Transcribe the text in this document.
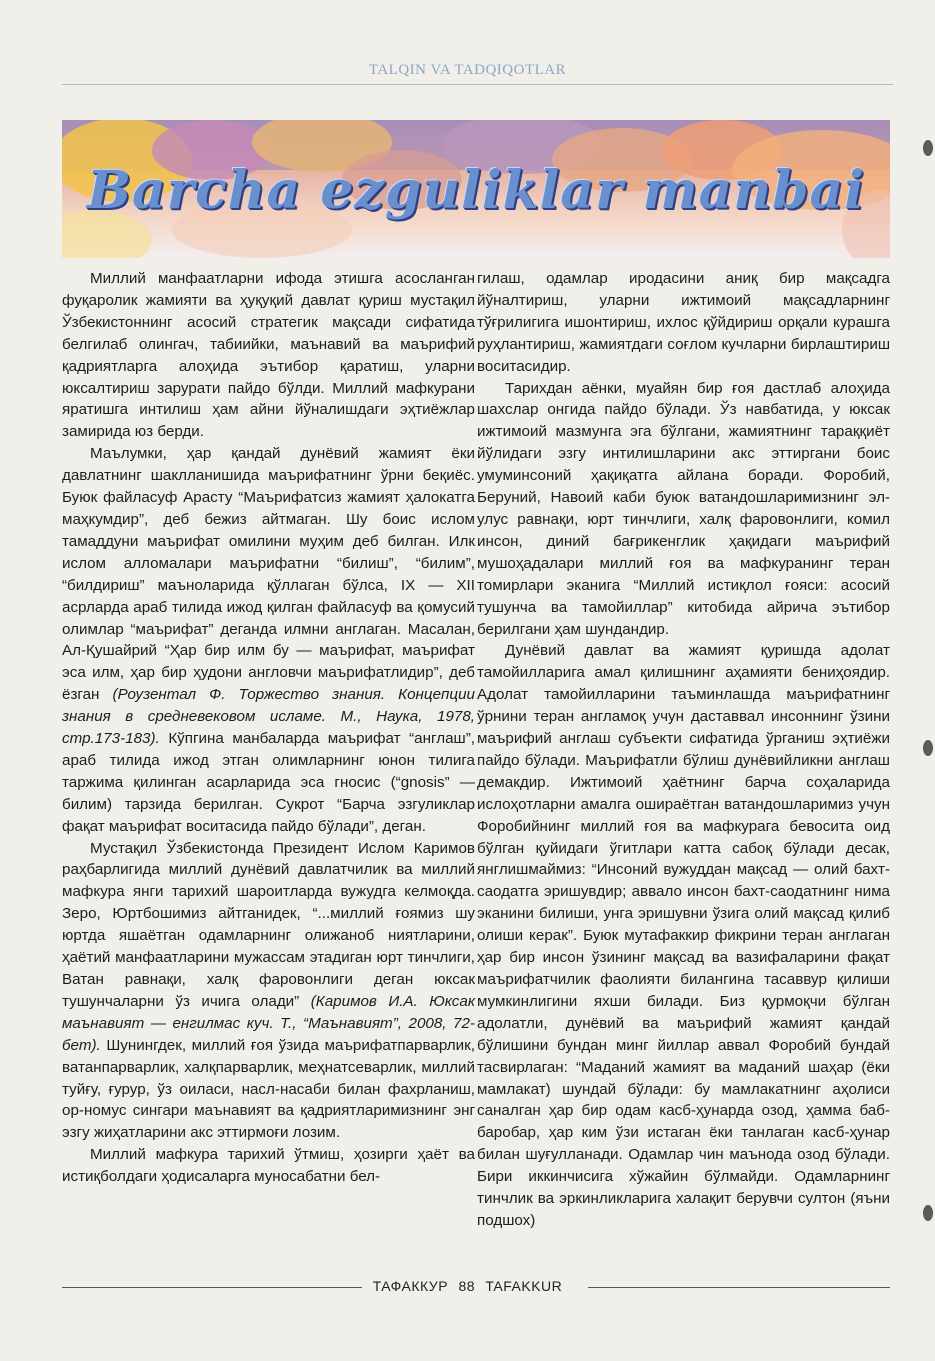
TALQIN VA TADQIQOTLAR
Barcha ezguliklar manbai

Миллий манфаатларни ифода этишга асосланган фуқаролик жамияти ва ҳуқуқий давлат қуриш мустақил Ўзбекистоннинг асосий стратегик мақсади сифатида белгилаб олингач, табиийки, маънавий ва маърифий қадриятларга алоҳида эътибор қаратиш, уларни юксалтириш зарурати пайдо бўлди. Миллий мафкурани яратишга интилиш ҳам айни йўналишдаги эҳтиёжлар замирида юз берди.

Маълумки, ҳар қандай дунёвий жамият ёки давлатнинг шаклланишида маърифатнинг ўрни беқиёс. Буюк файласуф Арасту “Маърифатсиз жамият ҳалокатга маҳкумдир”, деб бежиз айтмаган. Шу боис ислом тамаддуни маърифат омилини муҳим деб билган. Илк ислом алломалари маърифатни “билиш”, “билим”, “билдириш” маъноларида қўллаган бўлса, IX — XII асрларда араб тилида ижод қилган файласуф ва қомусий олимлар “маърифат” деганда илмни англаган. Масалан, Ал-Қушайрий “Ҳар бир илм бу — маърифат, маърифат эса илм, ҳар бир ҳудони англовчи маърифатлидир”, деб ёзган (Роузентал Ф. Торжество знания. Концепции знания в средневековом исламе. М., Наука, 1978, стр.173-183). Кўпгина манбаларда маърифат “англаш”, араб тилида ижод этган олимларнинг юнон тилига таржима қилинган асарларида эса гносис (“gnosis” — билим) тарзида берилган. Сукрот “Барча эзгуликлар фақат маърифат воситасида пайдо бўлади”, деган.

Мустақил Ўзбекистонда Президент Ислом Каримов раҳбарлигида миллий дунёвий давлатчилик ва миллий мафкура янги тарихий шароитларда вужудга келмоқда. Зеро, Юртбошимиз айтганидек, “...миллий ғоямиз шу юртда яшаётган одамларнинг олижаноб ниятларини, ҳаётий манфаатларини мужассам этадиган юрт тинчлиги, Ватан равнақи, халқ фаровонлиги деган юксак тушунчаларни ўз ичига олади” (Каримов И.А. Юксак маънавият — енгилмас куч. Т., “Маънавият”, 2008, 72-бет). Шунингдек, миллий ғоя ўзида маърифатпарварлик, ватанпарварлик, халқпарварлик, меҳнатсеварлик, миллий туйғу, ғурур, ўз оиласи, насл-насаби билан фахрланиш, ор-номус сингари маънавият ва қадриятларимизнинг энг эзгу жиҳатларини акс эттирмоғи лозим.

Миллий мафкура тарихий ўтмиш, ҳозирги ҳаёт ва истиқболдаги ҳодисаларга муносабатни бел-

гилаш, одамлар иродасини аниқ бир мақсадга йўналтириш, уларни ижтимоий мақсадларнинг тўғрилигига ишонтириш, ихлос қўйдириш орқали курашга руҳлантириш, жамиятдаги соғлом кучларни бирлаштириш воситасидир.

Тарихдан аёнки, муайян бир ғоя дастлаб алоҳида шахслар онгида пайдо бўлади. Ўз навбатида, у юксак ижтимоий мазмунга эга бўлгани, жамиятнинг тараққиёт йўлидаги эзгу интилишларини акс эттиргани боис умуминсоний ҳақиқатга айлана боради. Форобий, Беруний, Навоий каби буюк ватандошларимизнинг эл-улус равнақи, юрт тинчлиги, халқ фаровонлиги, комил инсон, диний бағрикенглик ҳақидаги маърифий мушоҳадалари миллий ғоя ва мафкуранинг теран томирлари эканига “Миллий истиқлол ғояси: асосий тушунча ва тамойиллар” китобида айрича эътибор берилгани ҳам шундандир.

Дунёвий давлат ва жамият қуришда адолат тамойилларига амал қилишнинг аҳамияти бениҳоядир. Адолат тамойилларини таъминлашда маърифатнинг ўрнини теран англамоқ учун даставвал инсоннинг ўзини маърифий англаш субъекти сифатида ўрганиш эҳтиёжи пайдо бўлади. Маърифатли бўлиш дунёвийликни англаш демакдир. Ижтимоий ҳаётнинг барча соҳаларида ислоҳотларни амалга ошираётган ватандошларимиз учун Форобийнинг миллий ғоя ва мафкурага бевосита оид бўлган қуйидаги ўгитлари катта сабоқ бўлади десак, янглишмаймиз: “Инсоний вужуддан мақсад — олий бахт-саодатга эришувдир; аввало инсон бахт-саодатнинг нима эканини билиши, унга эришувни ўзига олий мақсад қилиб олиши керак”. Буюк мутафаккир фикрини теран англаган ҳар бир инсон ўзининг мақсад ва вазифаларини фақат маърифатчилик фаолияти билангина тасаввур қилиши мумкинлигини яхши билади. Биз қурмоқчи бўлган адолатли, дунёвий ва маърифий жамият қандай бўлишини бундан минг йиллар аввал Форобий бундай тасвирлаган: “Маданий жамият ва маданий шаҳар (ёки мамлакат) шундай бўлади: бу мамлакатнинг аҳолиси саналган ҳар бир одам касб-ҳунарда озод, ҳамма баб-баробар, ҳар ким ўзи истаган ёки танлаган касб-ҳунар билан шуғулланади. Одамлар чин маънода озод бўлади. Бири иккинчисига хўжайин бўлмайди. Одамларнинг тинчлик ва эркинликларига халақит берувчи султон (яъни подшох)

ТАФАККУР 88 TAFAKKUR
